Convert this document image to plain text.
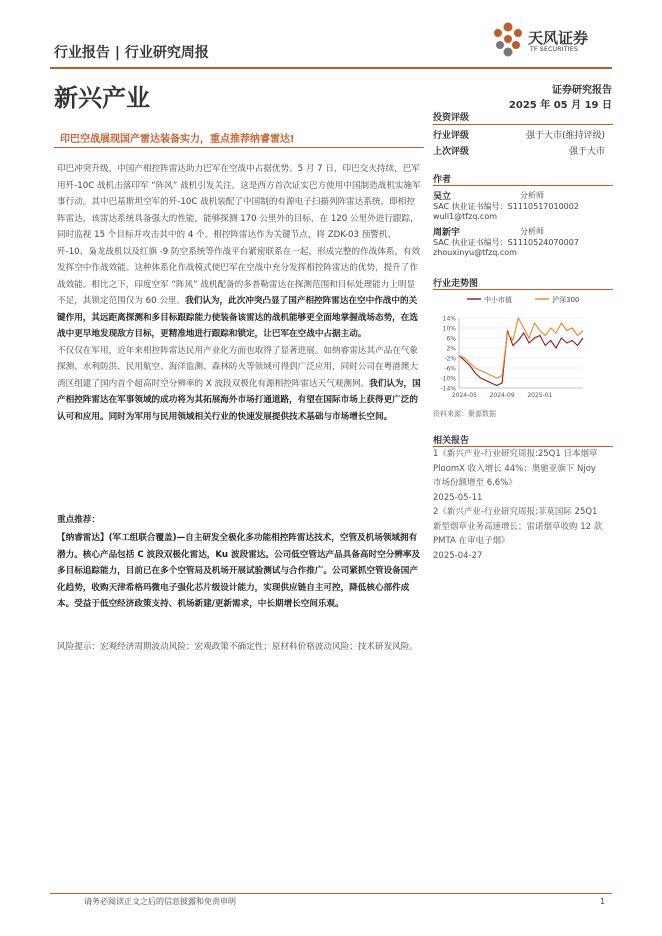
行业报告 | 行业研究周报
天风证券
TF SECURITIES
新兴产业	证券研究报告
2025 年 05 月 19 日
印巴空战展现国产雷达装备实力，重点推荐纳睿雷达!

印巴冲突升级，中国产相控阵雷达助力巴军在空战中占据优势。5 月 7 日，印巴交火持续，巴军用歼-10C 战机击落印军 “阵风” 战机引发关注。这是西方首次证实巴方使用中国制造战机实施军事行动。其中巴基斯坦空军的歼-10C 战机装配了中国制的有源电子扫描列阵雷达系统，即相控阵雷达，该雷达系统具备强大的性能，能够探测 170 公里外的目标，在 120 公里外进行跟踪，同时监视 15 个目标并攻击其中的 4 个。相控阵雷达作为关键节点，将 ZDK-03 预警机、歼-10、枭龙战机以及红旗 -9 防空系统等作战平台紧密联系在一起，形成完整的作战体系，有效发挥空中作战效能。这种体系化作战模式使巴军在空战中充分发挥相控阵雷达的优势，提升了作战效能。相比之下，印度空军 “阵风” 战机配备的多普勒雷达在探测范围和目标处理能力上明显不足，其锁定范围仅为 60 公里。我们认为，此次冲突凸显了国产相控阵雷达在空中作战中的关键作用，其远距离探测和多目标跟踪能力使装备该雷达的战机能够更全面地掌握战场态势，在选战中更早地发现敌方目标，更精准地进行跟踪和锁定，让巴军在空战中占据主动。

不仅仅在军用，近年来相控阵雷达民用产业化方面也取得了显著进展。如纳睿雷达其产品在气象探测、水利防洪、民用航空、海洋监测、森林防火等领域可得到广泛应用，同时公司在粤港澳大湾区组建了国内首个超高时空分辨率的 X 波段双极化有源相控阵雷达天气观测网。我们认为，国产相控阵雷达在军事领域的成功将为其拓展海外市场打通道路，有望在国际市场上获得更广泛的认可和应用。同时为军用与民用领域相关行业的快速发展提供技术基础与市场增长空间。

重点推荐：
【纳睿雷达】(军工组联合覆盖)—自主研发全极化多功能相控阵雷达技术，空管及机场领域拥有潜力。核心产品包括 C 波段双极化雷达，Ku 波段雷达。公司低空管达产品具备高时空分辨率及多目标追踪能力，目前已在多个空管局及机场开展试验测试与合作推广。公司紧抓空管设备国产化趋势，收购天津希格玛微电子强化芯片级设计能力，实现供应链自主可控，降低核心部件成本。受益于低空经济政策支持、机场新建/更新需求，中长期增长空间乐观。
风险提示：宏观经济周期波动风险；宏观政策不确定性；原材料价格波动风险；技术研发风险。
投资评级
行业评级	强于大市(维持评级)
上次评级	强于大市
作者
吴立	分析师
SAC 执业证书编号：S1110517010002
wuli1@tfzq.com
周新宇	分析师
SAC 执业证书编号：S1110524070007
zhouxinyu@tfzq.com
行业走势图
中小市值	沪深300
14%
10%
6%
2%
-2%
-6%
-10%
-14%
2024-05 2024-09 2025-01
资料来源：聚源数据
相关报告
1《新兴产业-行业研究周报:25Q1 日本烟草 PloomX 收入增长 44%；奥驰亚旗下 Njoy 市场份额增至 6.6%》
2025-05-11
2《新兴产业-行业研究周报:菲莫国际 25Q1 新型烟草业务高速增长；雷诺烟草收购 12 款 PMTA 在审电子烟》
2025-04-27
请务必阅读正文之后的信息披露和免责申明	1
